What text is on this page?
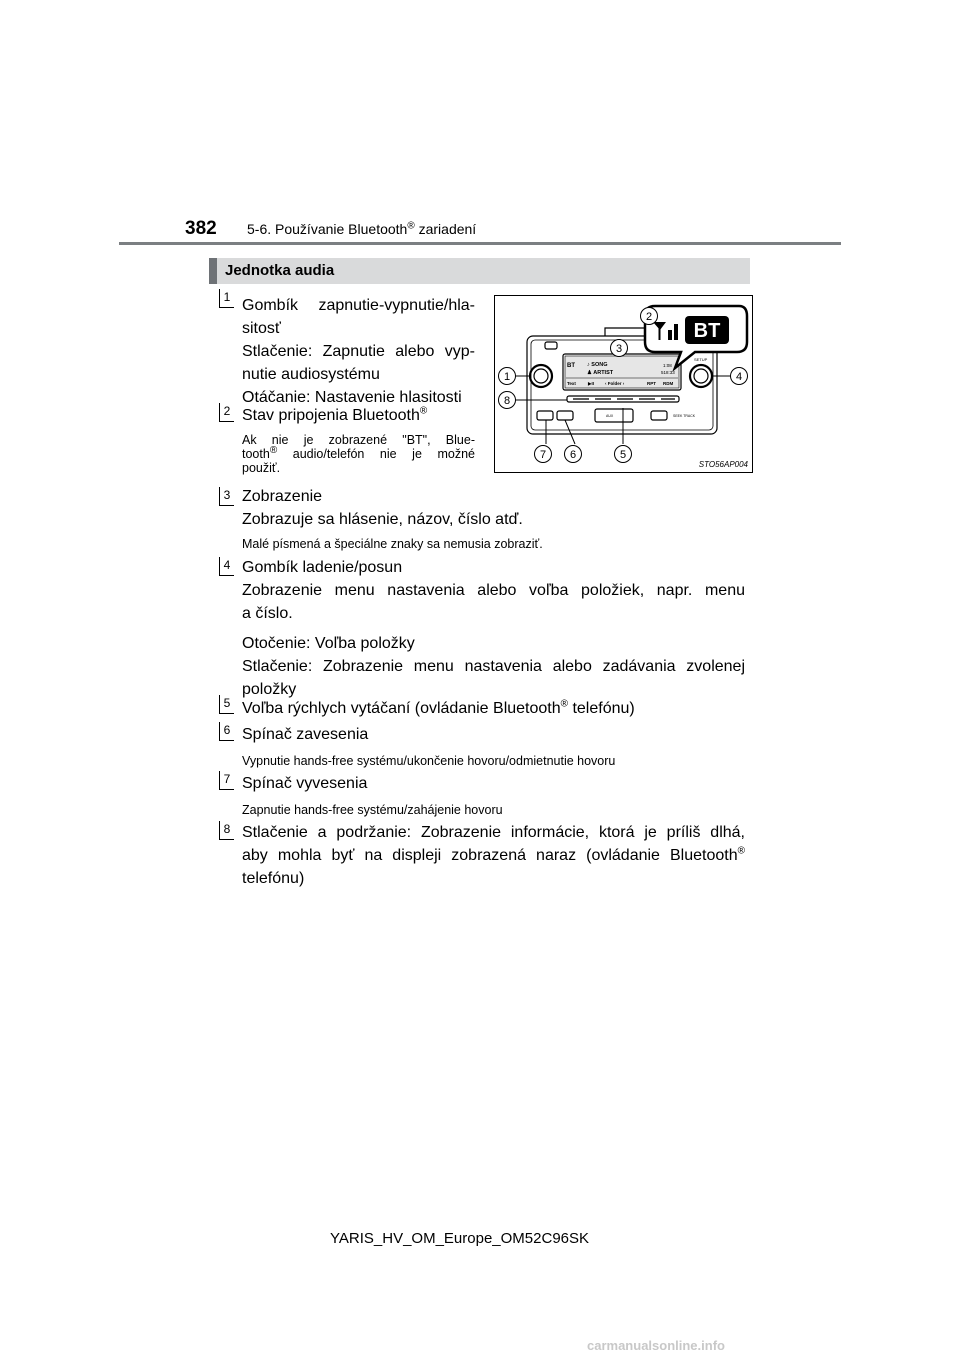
382 5-6. Používanie Bluetooth® zariadení
Jednotka audia
1 Gombík zapnutie-vypnutie/hla-
sitosť
Stlačenie: Zapnutie alebo vyp-
nutie audiosystému
Otáčanie: Nastavenie hlasitosti
2 Stav pripojenia Bluetooth®
Ak nie je zobrazené "BT", Blue-
tooth® audio/telefón nie je možné
použiť.
BT ♪ SONG
♟ ARTIST
1:08
518:33
Text	▶II ‹ Folder ›	RPT RDM
SETUP
AUX	SEEK TRACK
BT
1
2
3
4
5
6
7
8
STO56AP004
3 Zobrazenie
Zobrazuje sa hlásenie, názov, číslo atď.
Malé písmená a špeciálne znaky sa nemusia zobraziť.
4 Gombík ladenie/posun
Zobrazenie menu nastavenia alebo voľba položiek, napr. menu
a číslo.
Otočenie: Voľba položky
Stlačenie: Zobrazenie menu nastavenia alebo zadávania zvolenej
položky
5 Voľba rýchlych vytáčaní (ovládanie Bluetooth® telefónu)
6 Spínač zavesenia
Vypnutie hands-free systému/ukončenie hovoru/odmietnutie hovoru
7 Spínač vyvesenia
Zapnutie hands-free systému/zahájenie hovoru
8 Stlačenie a podržanie: Zobrazenie informácie, ktorá je príliš dlhá,
aby mohla byť na displeji zobrazená naraz (ovládanie Bluetooth®
telefónu)
YARIS_HV_OM_Europe_OM52C96SK
carmanualsonline.info
